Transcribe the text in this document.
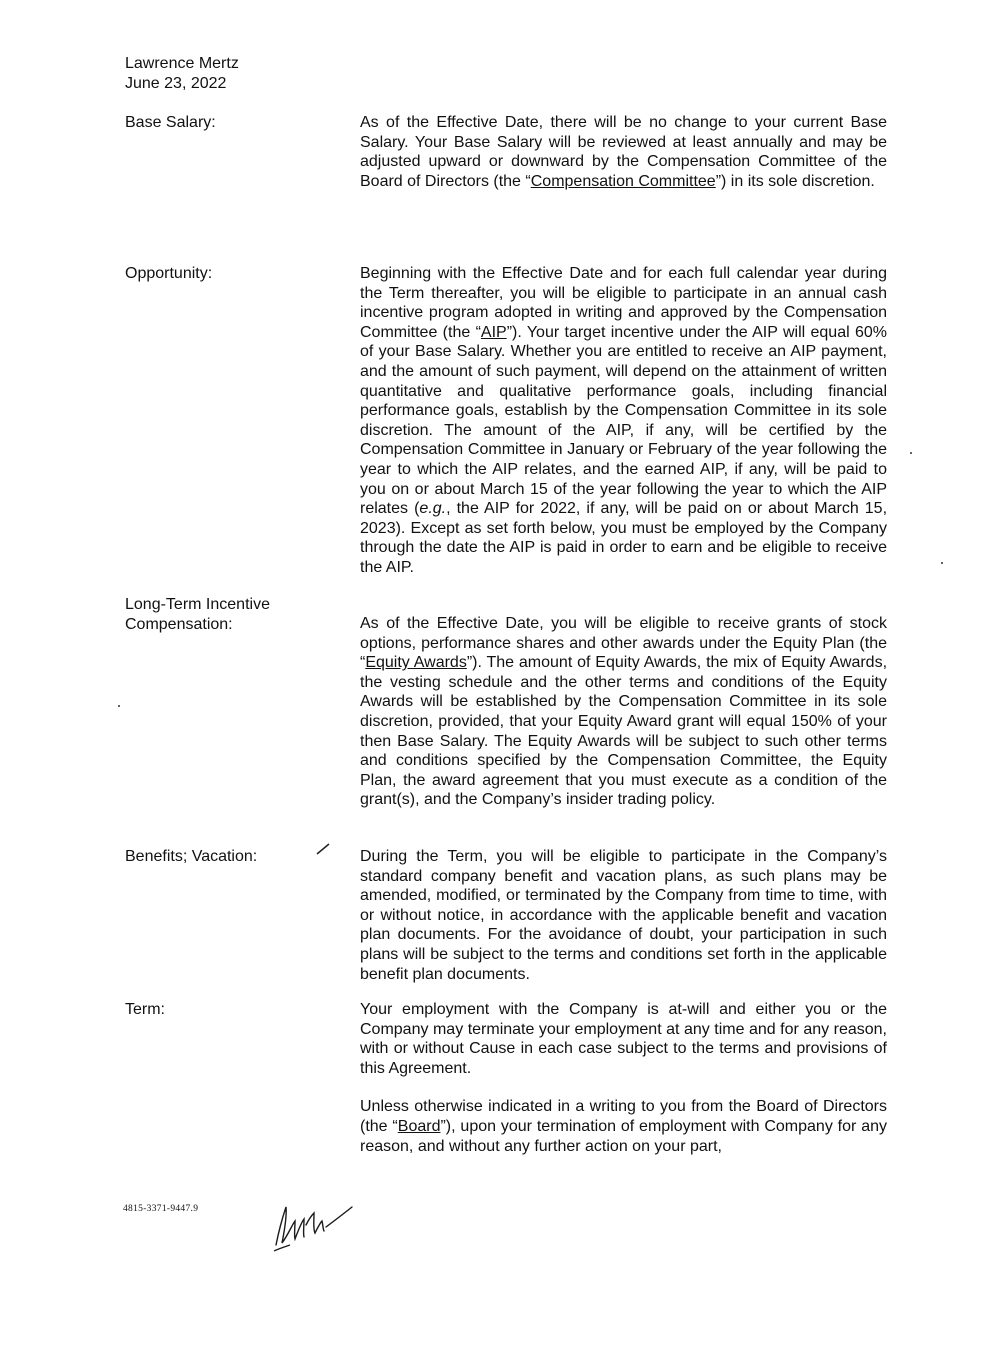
Lawrence Mertz
June 23, 2022
Base Salary:	As of the Effective Date, there will be no change to your current Base Salary. Your Base Salary will be reviewed at least annually and may be adjusted upward or downward by the Compensation Committee of the Board of Directors (the “Compensation Committee”) in its sole discretion.

Opportunity:	Beginning with the Effective Date and for each full calendar year during the Term thereafter, you will be eligible to participate in an annual cash incentive program adopted in writing and approved by the Compensation Committee (the “AIP”). Your target incentive under the AIP will equal 60% of your Base Salary. Whether you are entitled to receive an AIP payment, and the amount of such payment, will depend on the attainment of written quantitative and qualitative performance goals, including financial performance goals, establish by the Compensation Committee in its sole discretion. The amount of the AIP, if any, will be certified by the Compensation Committee in January or February of the year following the year to which the AIP relates, and the earned AIP, if any, will be paid to you on or about March 15 of the year following the year to which the AIP relates (e.g., the AIP for 2022, if any, will be paid on or about March 15, 2023). Except as set forth below, you must be employed by the Company through the date the AIP is paid in order to earn and be eligible to receive the AIP.

Long-Term Incentive
Compensation:	As of the Effective Date, you will be eligible to receive grants of stock options, performance shares and other awards under the Equity Plan (the “Equity Awards”). The amount of Equity Awards, the mix of Equity Awards, the vesting schedule and the other terms and conditions of the Equity Awards will be established by the Compensation Committee in its sole discretion, provided, that your Equity Award grant will equal 150% of your then Base Salary. The Equity Awards will be subject to such other terms and conditions specified by the Compensation Committee, the Equity Plan, the award agreement that you must execute as a condition of the grant(s), and the Company’s insider trading policy.

Benefits; Vacation:	During the Term, you will be eligible to participate in the Company’s standard company benefit and vacation plans, as such plans may be amended, modified, or terminated by the Company from time to time, with or without notice, in accordance with the applicable benefit and vacation plan documents. For the avoidance of doubt, your participation in such plans will be subject to the terms and conditions set forth in the applicable benefit plan documents.

Term:	Your employment with the Company is at-will and either you or the Company may terminate your employment at any time and for any reason, with or without Cause in each case subject to the terms and provisions of this Agreement.

Unless otherwise indicated in a writing to you from the Board of Directors (the “Board”), upon your termination of employment with Company for any reason, and without any further action on your part,

4815-3371-9447.9
